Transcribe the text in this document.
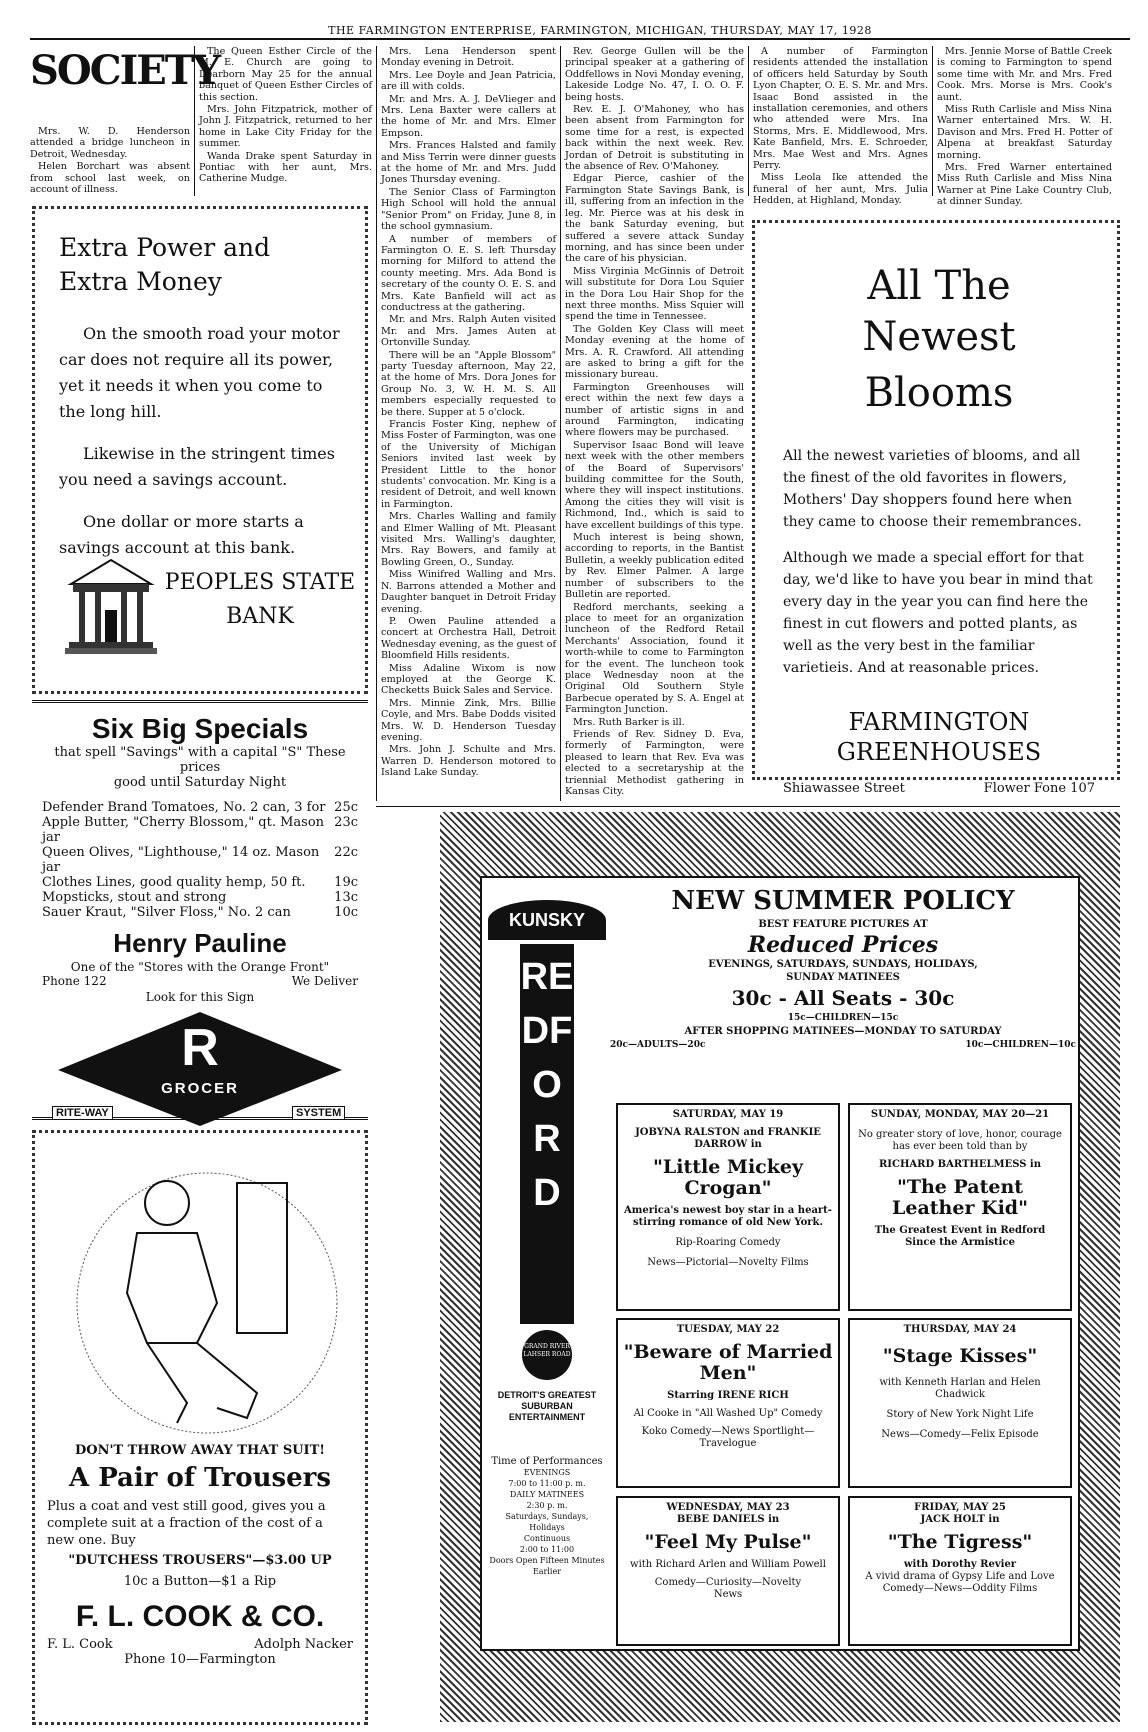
THE FARMINGTON ENTERPRISE, FARMINGTON, MICHIGAN, THURSDAY, MAY 17, 1928
SOCIETY

Mrs. W. D. Henderson attended a bridge luncheon in Detroit, Wednesday.

Helen Borchart was absent from school last week, on account of illness.

The Queen Esther Circle of the M. E. Church are going to Dearborn May 25 for the annual banquet of Queen Esther Circles of this section.

Mrs. John Fitzpatrick, mother of John J. Fitzpatrick, returned to her home in Lake City Friday for the summer.

Wanda Drake spent Saturday in Pontiac with her aunt, Mrs. Catherine Mudge.

Mrs. Lena Henderson spent Monday evening in Detroit.

Mrs. Lee Doyle and Jean Patricia, are ill with colds.

Mr. and Mrs. A. J. DeVlieger and Mrs. Lena Baxter were callers at the home of Mr. and Mrs. Elmer Empson.

Mrs. Frances Halsted and family and Miss Terrin were dinner guests at the home of Mr. and Mrs. Judd Jones Thursday evening.

The Senior Class of Farmington High School will hold the annual "Senior Prom" on Friday, June 8, in the school gymnasium.

A number of members of Farmington O. E. S. left Thursday morning for Milford to attend the county meeting. Mrs. Ada Bond is secretary of the county O. E. S. and Mrs. Kate Banfield will act as conductress at the gathering.

Mr. and Mrs. Ralph Auten visited Mr. and Mrs. James Auten at Ortonville Sunday.

There will be an "Apple Blossom" party Tuesday afternoon, May 22, at the home of Mrs. Dora Jones for Group No. 3, W. H. M. S. All members especially requested to be there. Supper at 5 o'clock.

Francis Foster King, nephew of Miss Foster of Farmington, was one of the University of Michigan Seniors invited last week by President Little to the honor students' convocation. Mr. King is a resident of Detroit, and well known in Farmington.

Mrs. Charles Walling and family and Elmer Walling of Mt. Pleasant visited Mrs. Walling's daughter, Mrs. Ray Bowers, and family at Bowling Green, O., Sunday.

Miss Winifred Walling and Mrs. N. Barrons attended a Mother and Daughter banquet in Detroit Friday evening.

P. Owen Pauline attended a concert at Orchestra Hall, Detroit Wednesday evening, as the guest of Bloomfield Hills residents.

Miss Adaline Wixom is now employed at the George K. Checketts Buick Sales and Service.

Mrs. Minnie Zink, Mrs. Billie Coyle, and Mrs. Babe Dodds visited Mrs. W. D. Henderson Tuesday evening.

Mrs. John J. Schulte and Mrs. Warren D. Henderson motored to Island Lake Sunday.

Rev. George Gullen will be the principal speaker at a gathering of Oddfellows in Novi Monday evening, Lakeside Lodge No. 47, I. O. O. F. being hosts.

Rev. E. J. O'Mahoney, who has been absent from Farmington for some time for a rest, is expected back within the next week. Rev. Jordan of Detroit is substituting in the absence of Rev. O'Mahoney.

Edgar Pierce, cashier of the Farmington State Savings Bank, is ill, suffering from an infection in the leg. Mr. Pierce was at his desk in the bank Saturday evening, but suffered a severe attack Sunday morning, and has since been under the care of his physician.

Miss Virginia McGinnis of Detroit will substitute for Dora Lou Squier in the Dora Lou Hair Shop for the next three months. Miss Squier will spend the time in Tennessee.

The Golden Key Class will meet Monday evening at the home of Mrs. A. R. Crawford. All attending are asked to bring a gift for the missionary bureau.

Farmington Greenhouses will erect within the next few days a number of artistic signs in and around Farmington, indicating where flowers may be purchased.

Supervisor Isaac Bond will leave next week with the other members of the Board of Supervisors' building committee for the South, where they will inspect institutions. Among the cities they will visit is Richmond, Ind., which is said to have excellent buildings of this type.

Much interest is being shown, according to reports, in the Bantist Bulletin, a weekly publication edited by Rev. Elmer Palmer. A large number of subscribers to the Bulletin are reported.

Redford merchants, seeking a place to meet for an organization luncheon of the Redford Retail Merchants' Association, found it worth-while to come to Farmington for the event. The luncheon took place Wednesday noon at the Original Old Southern Style Barbecue operated by S. A. Engel at Farmington Junction.

Mrs. Ruth Barker is ill.

Friends of Rev. Sidney D. Eva, formerly of Farmington, were pleased to learn that Rev. Eva was elected to a secretaryship at the triennial Methodist gathering in Kansas City.

A number of Farmington residents attended the installation of officers held Saturday by South Lyon Chapter, O. E. S. Mr. and Mrs. Isaac Bond assisted in the installation ceremonies, and others who attended were Mrs. Ina Storms, Mrs. E. Middlewood, Mrs. Kate Banfield, Mrs. E. Schroeder, Mrs. Mae West and Mrs. Agnes Perry.

Miss Leola Ike attended the funeral of her aunt, Mrs. Julia Hedden, at Highland, Monday.

Mrs. Jennie Morse of Battle Creek is coming to Farmington to spend some time with Mr. and Mrs. Fred Cook. Mrs. Morse is Mrs. Cook's aunt.

Miss Ruth Carlisle and Miss Nina Warner entertained Mrs. W. H. Davison and Mrs. Fred H. Potter of Alpena at breakfast Saturday morning.

Mrs. Fred Warner entertained Miss Ruth Carlisle and Miss Nina Warner at Pine Lake Country Club, at dinner Sunday.

Extra Power and
Extra Money
On the smooth road your motor car does not require all its power, yet it needs it when you come to the long hill.
Likewise in the stringent times you need a savings account.
One dollar or more starts a savings account at this bank.
PEOPLES STATE
BANK
All The
Newest Blooms
All the newest varieties of blooms, and all the finest of the old favorites in flowers, Mothers' Day shoppers found here when they came to choose their remembrances.
Although we made a special effort for that day, we'd like to have you bear in mind that every day in the year you can find here the finest in cut flowers and potted plants, as well as the very best in the familiar varietieis. And at reasonable prices.
FARMINGTON
GREENHOUSES
Shiawassee Street	Flower Fone 107
Six Big Specials
that spell "Savings" with a capital "S" These prices
good until Saturday Night
Defender Brand Tomatoes, No. 2 can, 3 for 25c
Apple Butter, "Cherry Blossom," qt. Mason jar
23c
Queen Olives, "Lighthouse," 14 oz. Mason jar
22c
Clothes Lines, good quality hemp, 50 ft. 19c
Mopsticks, stout and strong	13c
Sauer Kraut, "Silver Floss," No. 2 can	10c
Henry Pauline
One of the "Stores with the Orange Front"
Phone 122	We Deliver
Look for this Sign
R
GROCER
RITE-WAY	SYSTEM
DON'T THROW AWAY THAT SUIT!
A Pair of Trousers
Plus a coat and vest still good, gives you a complete suit at a fraction of the cost of a new one. Buy
"DUTCHESS TROUSERS"—$3.00 UP
10c a Button—$1 a Rip
F. L. COOK & CO.
F. L. Cook	Adolph Nacker
Phone 10—Farmington
KUNSKY
REDFORD
GRAND RIVER LAHSER ROAD
DETROIT'S GREATEST SUBURBAN ENTERTAINMENT
Time of Performances
EVENINGS
7:00 to 11:00 p. m.
DAILY MATINEES
2:30 p. m.
Saturdays, Sundays, Holidays
Continuous
2:00 to 11:00
Doors Open Fifteen Minutes Earlier
NEW SUMMER POLICY
BEST FEATURE PICTURES AT
Reduced Prices
EVENINGS, SATURDAYS, SUNDAYS, HOLIDAYS,
SUNDAY MATINEES
30c - All Seats - 30c
15c—CHILDREN—15c
AFTER SHOPPING MATINEES—MONDAY TO SATURDAY
20c—ADULTS—20c	10c—CHILDREN—10c
SATURDAY, MAY 19
JOBYNA RALSTON and FRANKIE DARROW in
"Little Mickey Crogan"
America's newest boy star in a heart-stirring romance of old New York.
Rip-Roaring Comedy
News—Pictorial—Novelty Films
SUNDAY, MONDAY, MAY 20—21
No greater story of love, honor, courage has ever been told than by
RICHARD BARTHELMESS in
"The Patent Leather Kid"
The Greatest Event in Redford
Since the Armistice
TUESDAY, MAY 22
"Beware of Married Men"
Starring IRENE RICH
Al Cooke in "All Washed Up" Comedy
Koko Comedy—News Sportlight—Travelogue
THURSDAY, MAY 24
"Stage Kisses"
with Kenneth Harlan and Helen Chadwick
Story of New York Night Life
News—Comedy—Felix Episode
WEDNESDAY, MAY 23
BEBE DANIELS in
"Feel My Pulse"
with Richard Arlen and William Powell
Comedy—Curiosity—Novelty
News
FRIDAY, MAY 25
JACK HOLT in
"The Tigress"
with Dorothy Revier
A vivid drama of Gypsy Life and Love
Comedy—News—Oddity Films
